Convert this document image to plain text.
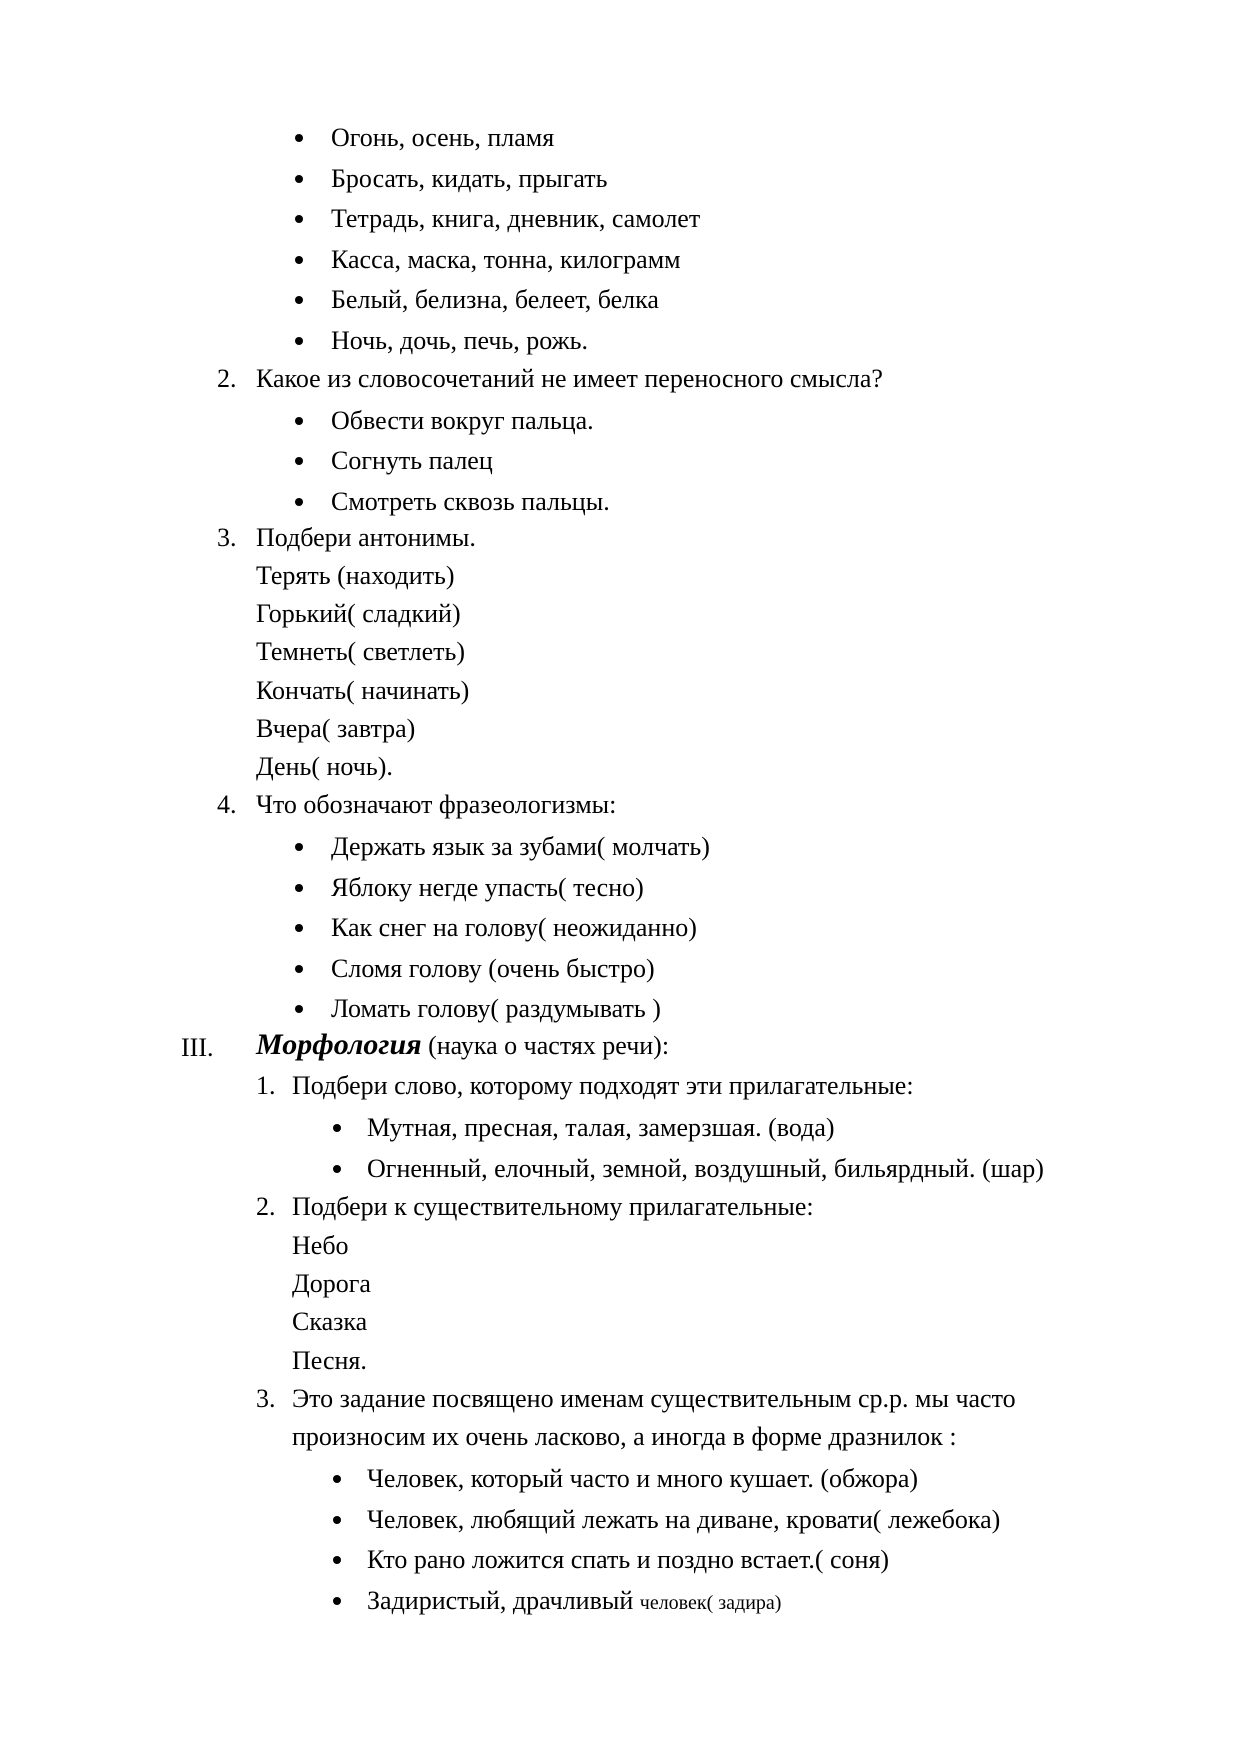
Огонь, осень, пламя
Бросать, кидать, прыгать
Тетрадь, книга, дневник, самолет
Касса, маска, тонна, килограмм
Белый, белизна, белеет, белка
Ночь, дочь, печь, рожь.
2. Какое из словосочетаний не имеет переносного смысла?
Обвести вокруг пальца.
Согнуть палец
Смотреть сквозь пальцы.
3. Подбери антонимы.
Терять (находить)
Горький( сладкий)
Темнеть( светлеть)
Кончать( начинать)
Вчера( завтра)
День( ночь).
4. Что обозначают фразеологизмы:
Держать язык за зубами( молчать)
Яблоку негде упасть( тесно)
Как снег на голову( неожиданно)
Сломя голову (очень быстро)
Ломать голову( раздумывать )
III. Морфология (наука о частях речи):
1. Подбери слово, которому подходят эти прилагательные:
Мутная, пресная, талая, замерзшая. (вода)
Огненный, елочный, земной, воздушный, бильярдный. (шар)
2. Подбери к существительному прилагательные:
Небо
Дорога
Сказка
Песня.
3. Это задание посвящено именам существительным ср.р. мы часто
произносим их очень ласково, а иногда в форме дразнилок :
Человек, который часто и много кушает. (обжора)
Человек, любящий лежать на диване, кровати( лежебока)
Кто рано ложится спать и поздно встает.( соня)
Задиристый, драчливый человек( задира)
